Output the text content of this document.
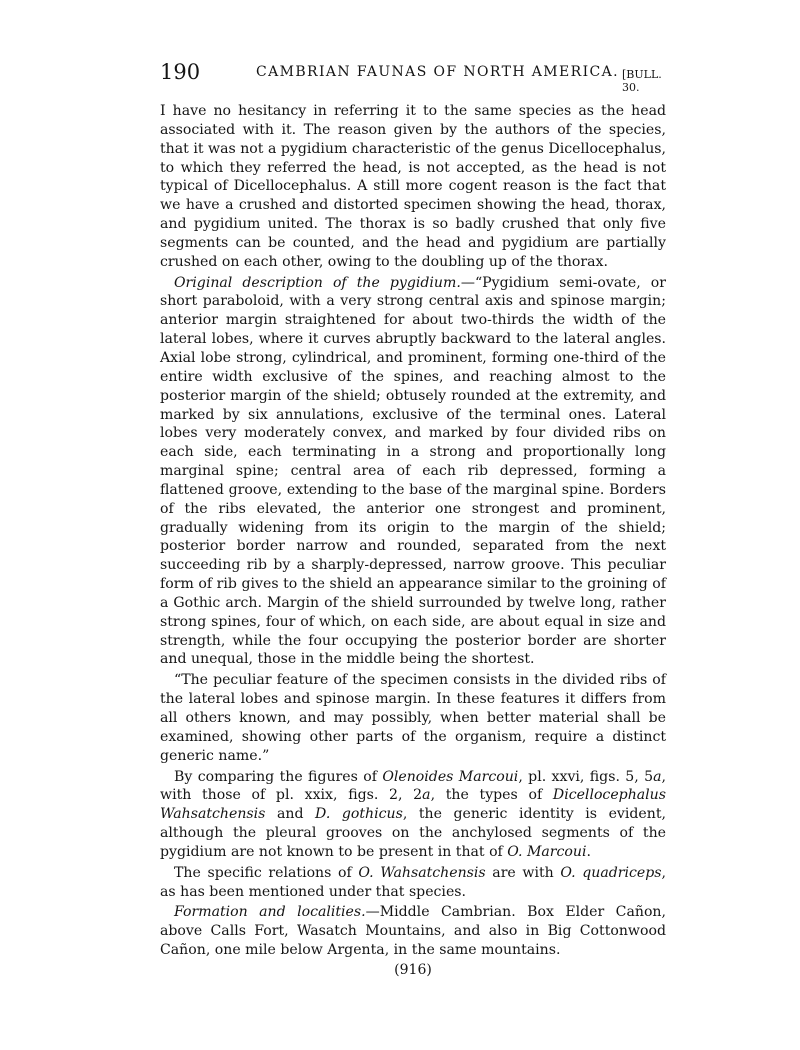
190	CAMBRIAN FAUNAS OF NORTH AMERICA. [BULL. 30.

I have no hesitancy in referring it to the same species as the head associated with it. The reason given by the authors of the species, that it was not a pygidium characteristic of the genus Dicellocephalus, to which they referred the head, is not accepted, as the head is not typical of Dicellocephalus. A still more cogent reason is the fact that we have a crushed and distorted specimen showing the head, thorax, and pygidium united. The thorax is so badly crushed that only five segments can be counted, and the head and pygidium are partially crushed on each other, owing to the doubling up of the thorax.

Original description of the pygidium.—“Pygidium semi-ovate, or short paraboloid, with a very strong central axis and spinose margin; anterior margin straightened for about two-thirds the width of the lateral lobes, where it curves abruptly backward to the lateral angles. Axial lobe strong, cylindrical, and prominent, forming one-third of the entire width exclusive of the spines, and reaching almost to the posterior margin of the shield; obtusely rounded at the extremity, and marked by six annulations, exclusive of the terminal ones. Lateral lobes very moderately convex, and marked by four divided ribs on each side, each terminating in a strong and proportionally long marginal spine; central area of each rib depressed, forming a flattened groove, extending to the base of the marginal spine. Borders of the ribs elevated, the anterior one strongest and prominent, gradually widening from its origin to the margin of the shield; posterior border narrow and rounded, separated from the next succeeding rib by a sharply-depressed, narrow groove. This peculiar form of rib gives to the shield an appearance similar to the groining of a Gothic arch. Margin of the shield surrounded by twelve long, rather strong spines, four of which, on each side, are about equal in size and strength, while the four occupying the posterior border are shorter and unequal, those in the middle being the shortest.

“The peculiar feature of the specimen consists in the divided ribs of the lateral lobes and spinose margin. In these features it differs from all others known, and may possibly, when better material shall be examined, showing other parts of the organism, require a distinct generic name.”

By comparing the figures of Olenoides Marcoui, pl. xxvi, figs. 5, 5a, with those of pl. xxix, figs. 2, 2a, the types of Dicellocephalus Wahsatchensis and D. gothicus, the generic identity is evident, although the pleural grooves on the anchylosed segments of the pygidium are not known to be present in that of O. Marcoui.

The specific relations of O. Wahsatchensis are with O. quadriceps, as has been mentioned under that species.

Formation and localities.—Middle Cambrian. Box Elder Cañon, above Calls Fort, Wasatch Mountains, and also in Big Cottonwood Cañon, one mile below Argenta, in the same mountains.

(916)
